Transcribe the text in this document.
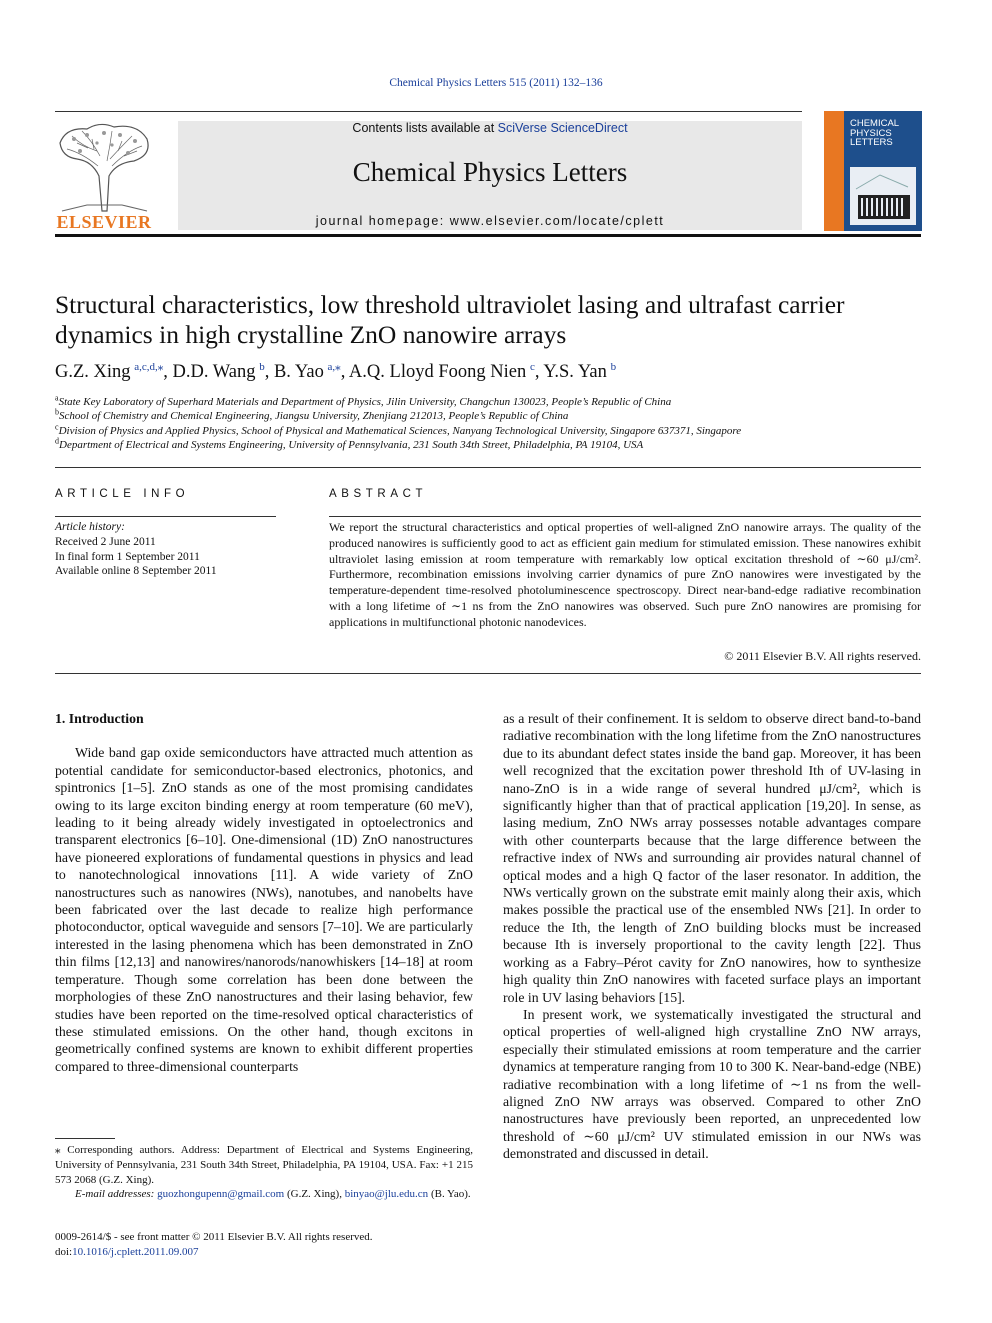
Chemical Physics Letters 515 (2011) 132–136
ELSEVIER
Contents lists available at SciVerse ScienceDirect
Chemical Physics Letters
journal homepage: www.elsevier.com/locate/cplett
CHEMICAL
PHYSICS
LETTERS
Structural characteristics, low threshold ultraviolet lasing and ultrafast carrier dynamics in high crystalline ZnO nanowire arrays
G.Z. Xing  $^{a,c,d,⁎}$, D.D. Wang  $^b$, B. Yao  $^{a,⁎}$, A.Q. Lloyd Foong Nien  $^c$, Y.S. Yan  $^b$
$^a$State Key Laboratory of Superhard Materials and Department of Physics, Jilin University, Changchun 130023, People’s Republic of China
$^b$School of Chemistry and Chemical Engineering, Jiangsu University, Zhenjiang 212013, People’s Republic of China
$^c$Division of Physics and Applied Physics, School of Physical and Mathematical Sciences, Nanyang Technological University, Singapore 637371, Singapore
$^d$Department of Electrical and Systems Engineering, University of Pennsylvania, 231 South 34th Street, Philadelphia, PA 19104, USA
ARTICLE INFO
Article history:
Received 2 June 2011
In final form 1 September 2011
Available online 8 September 2011
ABSTRACT
We report the structural characteristics and optical properties of well-aligned ZnO nanowire arrays. The quality of the produced nanowires is sufficiently good to act as efficient gain medium for stimulated emission. These nanowires exhibit ultraviolet lasing emission at room temperature with remarkably low optical excitation threshold of ∼60 μJ/cm². Furthermore, recombination emissions involving carrier dynamics of pure ZnO nanowires were investigated by the temperature-dependent time-resolved photoluminescence spectroscopy. Direct near-band-edge radiative recombination with a long lifetime of ∼1 ns from the ZnO nanowires was observed. Such pure ZnO nanowires are promising for applications in multifunctional photonic nanodevices.
© 2011 Elsevier B.V. All rights reserved.

1. Introduction

Wide band gap oxide semiconductors have attracted much attention as potential candidate for semiconductor-based electronics, photonics, and spintronics [1–5]. ZnO stands as one of the most promising candidates owing to its large exciton binding energy at room temperature (60 meV), leading to it being already widely investigated in optoelectronics and transparent electronics [6–10]. One-dimensional (1D) ZnO nanostructures have pioneered explorations of fundamental questions in physics and lead to nanotechnological innovations [11]. A wide variety of ZnO nanostructures such as nanowires (NWs), nanotubes, and nanobelts have been fabricated over the last decade to realize high performance photoconductor, optical waveguide and sensors [7–10]. We are particularly interested in the lasing phenomena which has been demonstrated in ZnO thin films [12,13] and nanowires/nanorods/nanowhiskers [14–18] at room temperature. Though some correlation has been done between the morphologies of these ZnO nanostructures and their lasing behavior, few studies have been reported on the time-resolved optical characteristics of these stimulated emissions. On the other hand, though excitons in geometrically confined systems are known to exhibit different properties compared to three-dimensional counterparts

as a result of their confinement. It is seldom to observe direct band-to-band radiative recombination with the long lifetime from the ZnO nanostructures due to its abundant defect states inside the band gap. Moreover, it has been well recognized that the excitation power threshold Ith of UV-lasing in nano-ZnO is in a wide range of several hundred μJ/cm², which is significantly higher than that of practical application [19,20]. In sense, as lasing medium, ZnO NWs array possesses notable advantages compare with other counterparts because that the large difference between the refractive index of NWs and surrounding air provides natural channel of optical modes and a high Q factor of the laser resonator. In addition, the NWs vertically grown on the substrate emit mainly along their axis, which makes possible the practical use of the ensembled NWs [21]. In order to reduce the Ith, the length of ZnO building blocks must be increased because Ith is inversely proportional to the cavity length [22]. Thus working as a Fabry–Pérot cavity for ZnO nanowires, how to synthesize high quality thin ZnO nanowires with faceted surface plays an important role in UV lasing behaviors [15].

In present work, we systematically investigated the structural and optical properties of well-aligned high crystalline ZnO NW arrays, especially their stimulated emissions at room temperature and the carrier dynamics at temperature ranging from 10 to 300 K. Near-band-edge (NBE) radiative recombination with a long lifetime of ∼1 ns from the well-aligned ZnO NW arrays was observed. Compared to other ZnO nanostructures have previously been reported, an unprecedented low threshold of ∼60 μJ/cm² UV stimulated emission in our NWs was demonstrated and discussed in detail.

⁎ Corresponding authors. Address: Department of Electrical and Systems Engineering, University of Pennsylvania, 231 South 34th Street, Philadelphia, PA 19104, USA. Fax: +1 215 573 2068 (G.Z. Xing).
E-mail addresses: guozhongupenn@gmail.com (G.Z. Xing), binyao@jlu.edu.cn (B. Yao).
0009-2614/$ - see front matter © 2011 Elsevier B.V. All rights reserved.
doi:10.1016/j.cplett.2011.09.007
